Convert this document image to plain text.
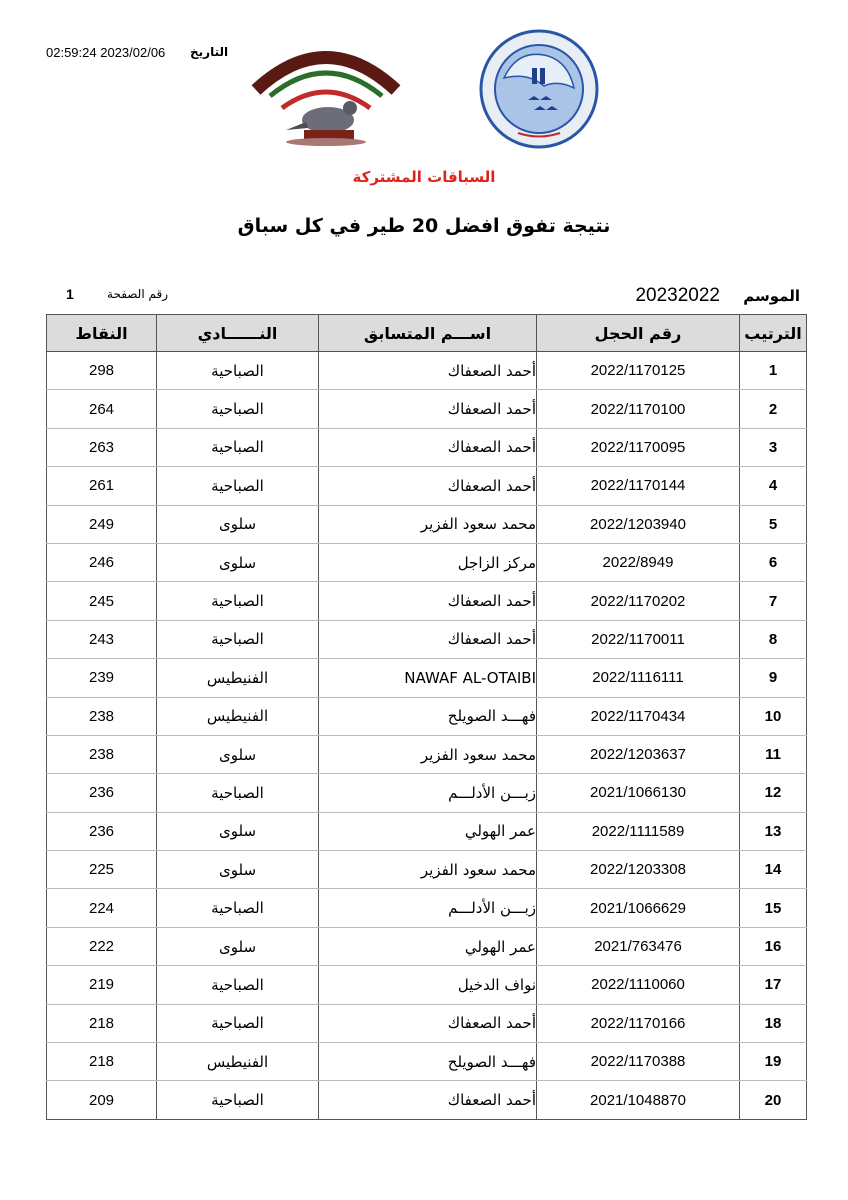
02:59:24 2023/02/06 التاريخ
السباقات المشتركة
نتيجة تفوق افضل 20 طير في كل سباق
الموسم
20232022
رقم الصفحة
1
الترتيب	رقم الحجل	اســـم المتسابق	النــــــادي	النقاط
1	2022/1170125	أحمد الصعفاك	الصباحية	298
2	2022/1170100	أحمد الصعفاك	الصباحية	264
3	2022/1170095	أحمد الصعفاك	الصباحية	263
4	2022/1170144	أحمد الصعفاك	الصباحية	261
5	2022/1203940	محمد سعود الفزير	سلوى	249
6	2022/8949	مركز الزاجل	سلوى	246
7	2022/1170202	أحمد الصعفاك	الصباحية	245
8	2022/1170011	أحمد الصعفاك	الصباحية	243
9	2022/1116111	NAWAF AL-OTAIBI	الفنيطيس	239
10	2022/1170434	فهـــد الصويلح	الفنيطيس	238
11	2022/1203637	محمد سعود الفزير	سلوى	238
12	2021/1066130	زبـــن الأدلـــم	الصباحية	236
13	2022/1111589	عمر الهولي	سلوى	236
14	2022/1203308	محمد سعود الفزير	سلوى	225
15	2021/1066629	زبـــن الأدلـــم	الصباحية	224
16	2021/763476	عمر الهولي	سلوى	222
17	2022/1110060	نواف الدخيل	الصباحية	219
18	2022/1170166	أحمد الصعفاك	الصباحية	218
19	2022/1170388	فهـــد الصويلح	الفنيطيس	218
20	2021/1048870	أحمد الصعفاك	الصباحية	209
